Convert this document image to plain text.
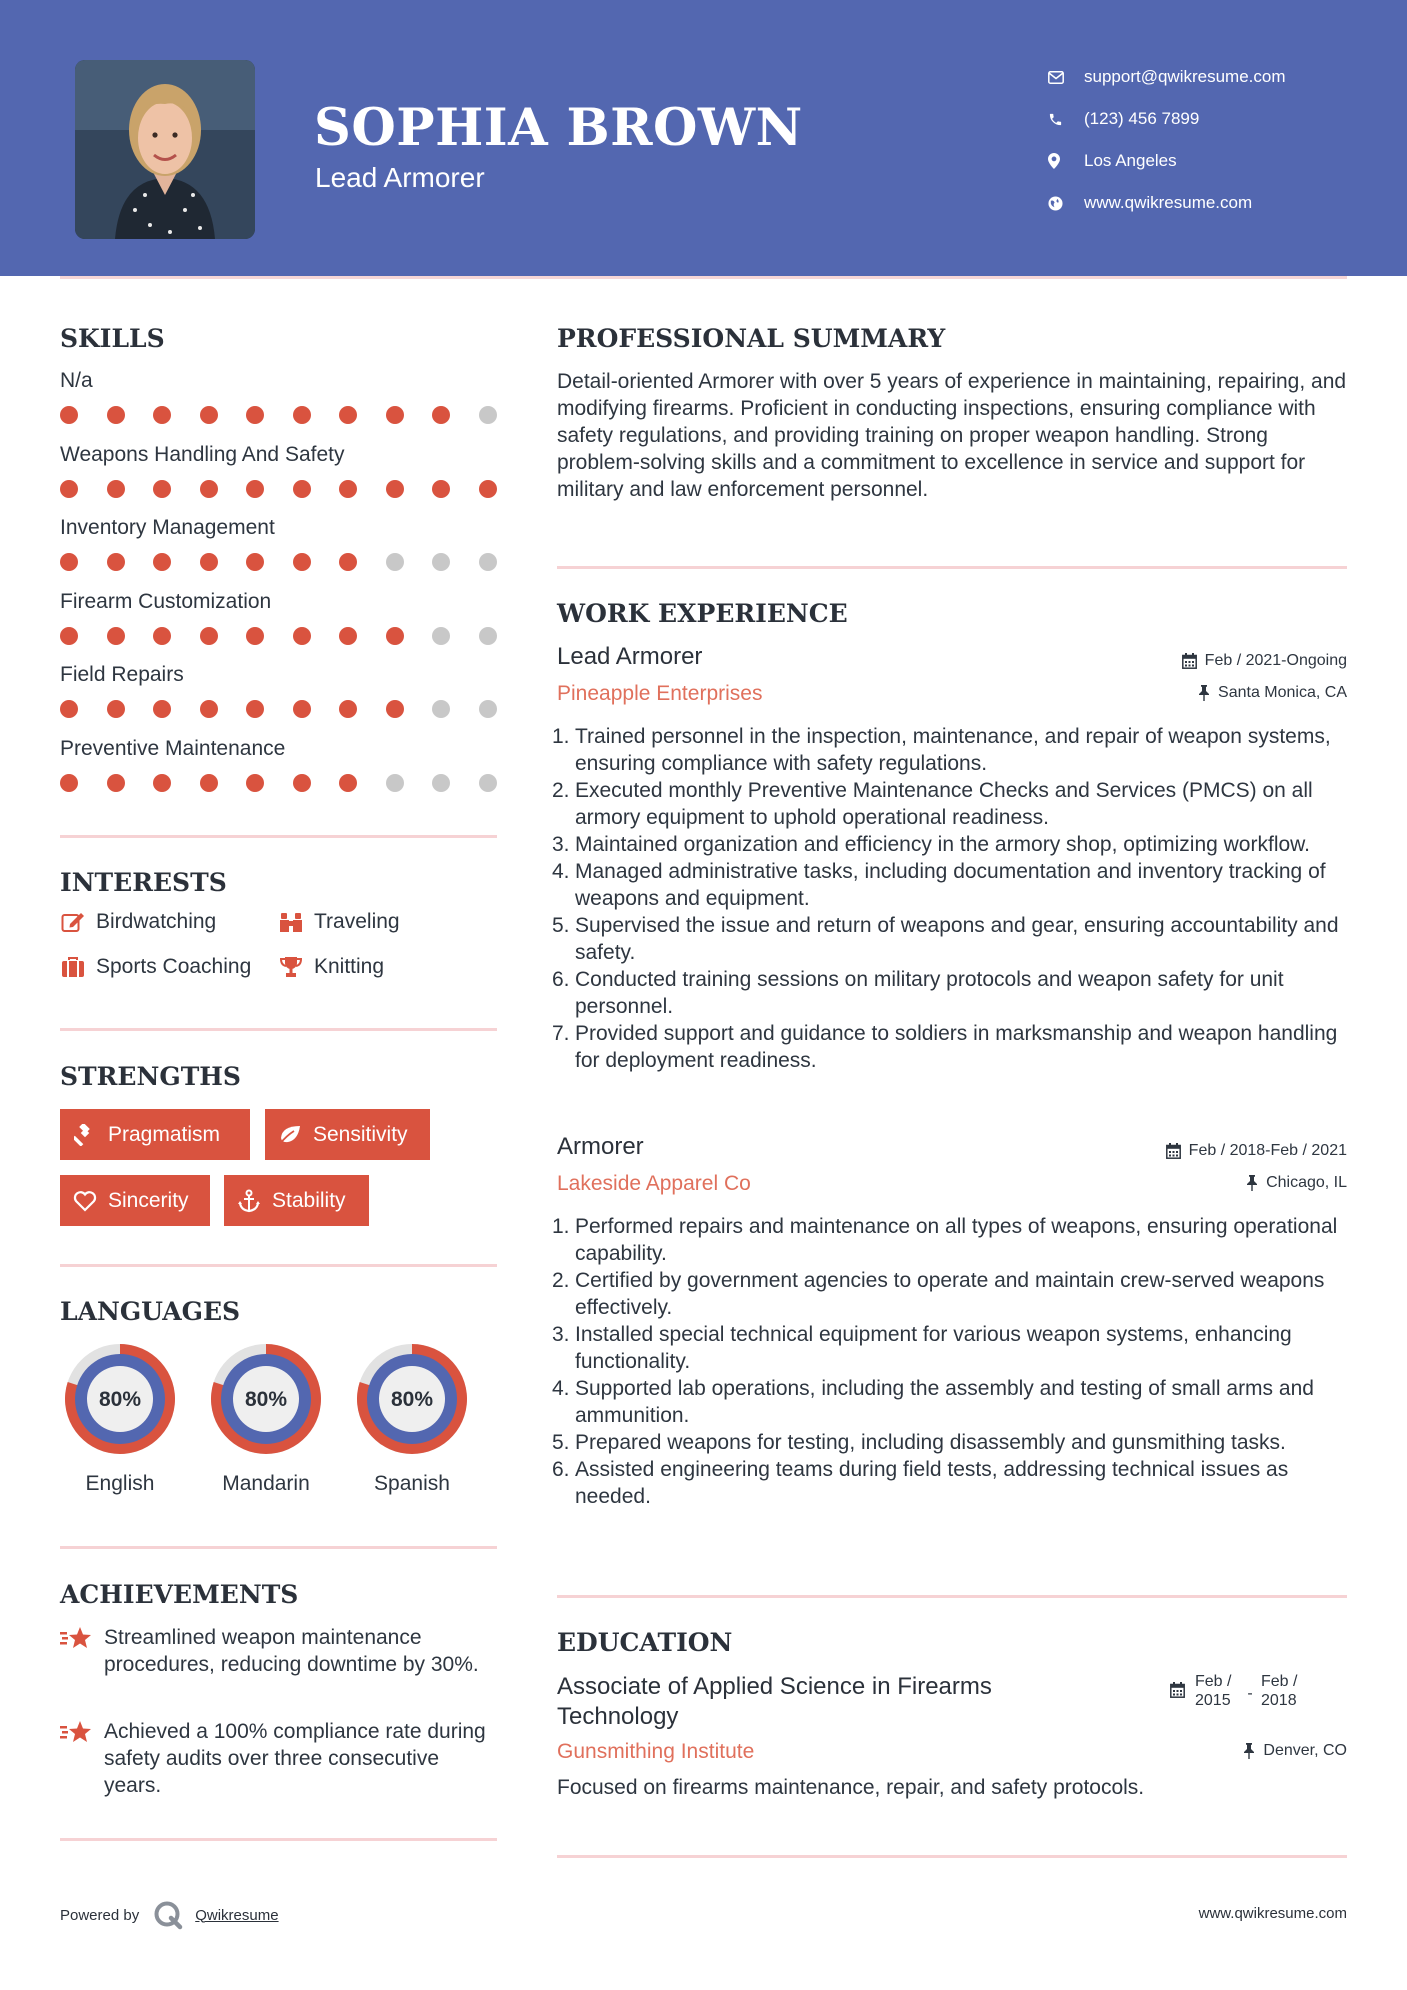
SOPHIA BROWN
Lead Armorer
support@qwikresume.com
(123) 456 7899
Los Angeles
www.qwikresume.com
SKILLS
N/a
Weapons Handling And Safety
Inventory Management
Firearm Customization
Field Repairs
Preventive Maintenance
INTERESTS
Birdwatching	Traveling
Sports Coaching	Knitting
STRENGTHS
Pragmatism	Sensitivity
Sincerity	Stability
LANGUAGES
80%
English
80%
Mandarin
80%
Spanish
ACHIEVEMENTS
Streamlined weapon maintenance procedures, reducing downtime by 30%.
Achieved a 100% compliance rate during safety audits over three consecutive years.
PROFESSIONAL SUMMARY
Detail-oriented Armorer with over 5 years of experience in maintaining, repairing, and modifying firearms. Proficient in conducting inspections, ensuring compliance with safety regulations, and providing training on proper weapon handling. Strong problem-solving skills and a commitment to excellence in service and support for military and law enforcement personnel.
WORK EXPERIENCE
Lead Armorer
Pineapple Enterprises
Feb / 2021-Ongoing
Santa Monica, CA
1. Trained personnel in the inspection, maintenance, and repair of weapon systems, ensuring compliance with safety regulations.
2. Executed monthly Preventive Maintenance Checks and Services (PMCS) on all armory equipment to uphold operational readiness.
3. Maintained organization and efficiency in the armory shop, optimizing workflow.
4. Managed administrative tasks, including documentation and inventory tracking of weapons and equipment.
5. Supervised the issue and return of weapons and gear, ensuring accountability and safety.
6. Conducted training sessions on military protocols and weapon safety for unit personnel.
7. Provided support and guidance to soldiers in marksmanship and weapon handling for deployment readiness.
Armorer
Lakeside Apparel Co
Feb / 2018-Feb / 2021
Chicago, IL
1. Performed repairs and maintenance on all types of weapons, ensuring operational capability.
2. Certified by government agencies to operate and maintain crew-served weapons effectively.
3. Installed special technical equipment for various weapon systems, enhancing functionality.
4. Supported lab operations, including the assembly and testing of small arms and ammunition.
5. Prepared weapons for testing, including disassembly and gunsmithing tasks.
6. Assisted engineering teams during field tests, addressing technical issues as needed.
EDUCATION
Associate of Applied Science in Firearms Technology
Feb / 2015	-
Feb / 2018
Gunsmithing Institute	Denver, CO
Focused on firearms maintenance, repair, and safety protocols.
Powered by	Qwikresume	www.qwikresume.com
